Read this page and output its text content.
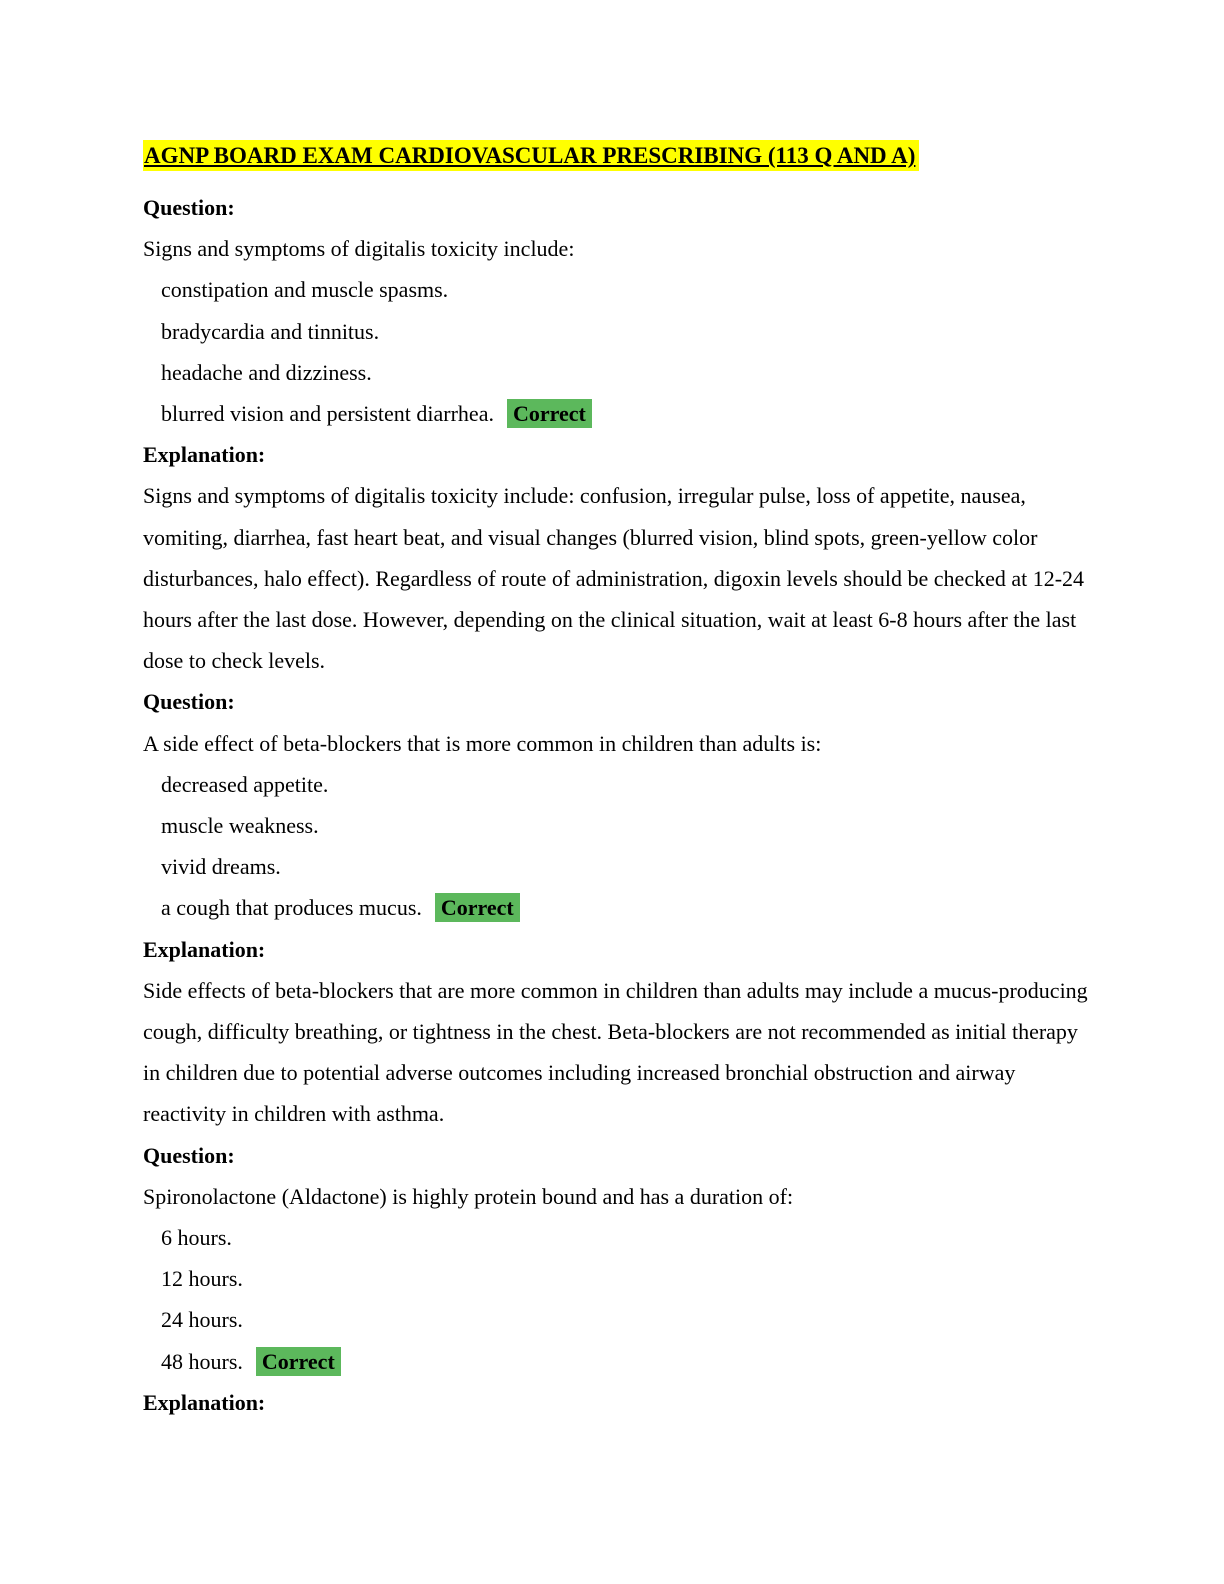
AGNP BOARD EXAM CARDIOVASCULAR PRESCRIBING (113 Q AND A)
Question:
Signs and symptoms of digitalis toxicity include:
constipation and muscle spasms.
bradycardia and tinnitus.
headache and dizziness.
blurred vision and persistent diarrhea. Correct
Explanation:
Signs and symptoms of digitalis toxicity include: confusion, irregular pulse, loss of appetite, nausea, vomiting, diarrhea, fast heart beat, and visual changes (blurred vision, blind spots, green-yellow color disturbances, halo effect). Regardless of route of administration, digoxin levels should be checked at 12-24 hours after the last dose. However, depending on the clinical situation, wait at least 6-8 hours after the last dose to check levels.
Question:
A side effect of beta-blockers that is more common in children than adults is:
decreased appetite.
muscle weakness.
vivid dreams.
a cough that produces mucus. Correct
Explanation:
Side effects of beta-blockers that are more common in children than adults may include a mucus-producing cough, difficulty breathing, or tightness in the chest. Beta-blockers are not recommended as initial therapy in children due to potential adverse outcomes including increased bronchial obstruction and airway reactivity in children with asthma.
Question:
Spironolactone (Aldactone) is highly protein bound and has a duration of:
6 hours.
12 hours.
24 hours.
48 hours. Correct
Explanation:
